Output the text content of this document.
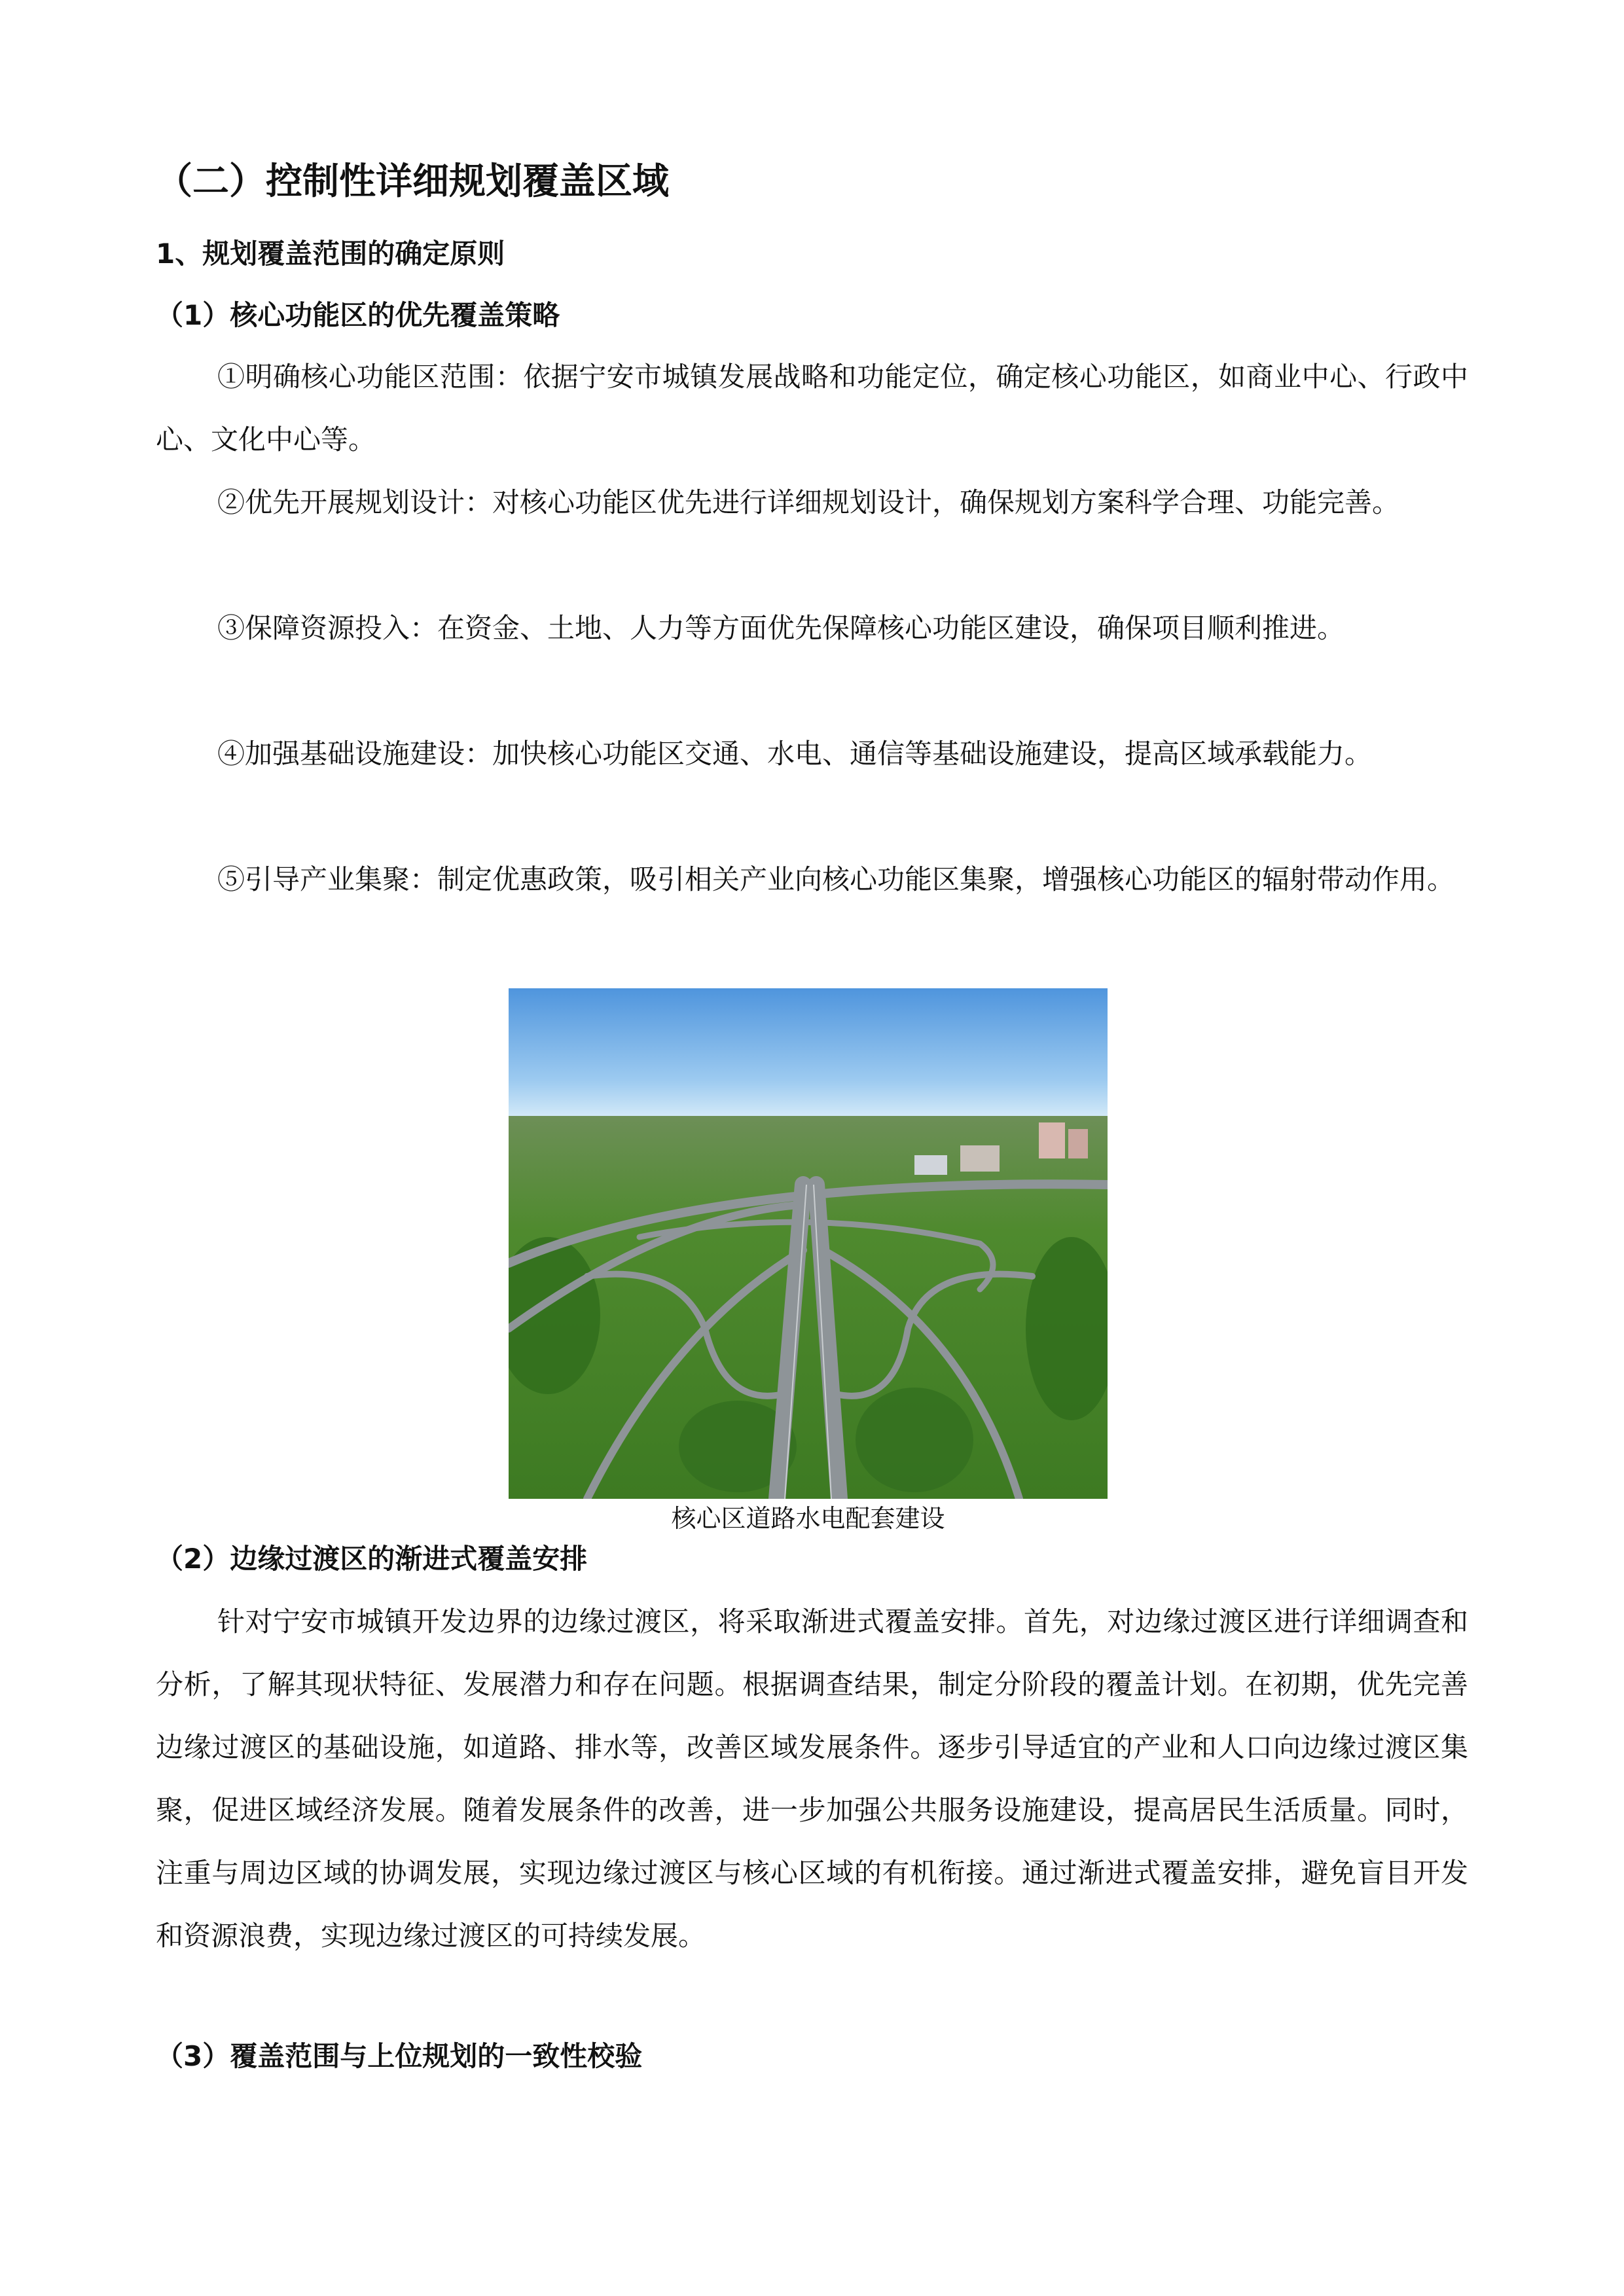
（二）控制性详细规划覆盖区域
1、规划覆盖范围的确定原则
（1）核心功能区的优先覆盖策略

①明确核心功能区范围：依据宁安市城镇发展战略和功能定位，确定核心功能区，如商业中心、行政中心、文化中心等。

②优先开展规划设计：对核心功能区优先进行详细规划设计，确保规划方案科学合理、功能完善。

③保障资源投入：在资金、土地、人力等方面优先保障核心功能区建设，确保项目顺利推进。

④加强基础设施建设：加快核心功能区交通、水电、通信等基础设施建设，提高区域承载能力。

⑤引导产业集聚：制定优惠政策，吸引相关产业向核心功能区集聚，增强核心功能区的辐射带动作用。

核心区道路水电配套建设

（2）边缘过渡区的渐进式覆盖安排

针对宁安市城镇开发边界的边缘过渡区，将采取渐进式覆盖安排。首先，对边缘过渡区进行详细调查和分析，了解其现状特征、发展潜力和存在问题。根据调查结果，制定分阶段的覆盖计划。在初期，优先完善边缘过渡区的基础设施，如道路、排水等，改善区域发展条件。逐步引导适宜的产业和人口向边缘过渡区集聚，促进区域经济发展。随着发展条件的改善，进一步加强公共服务设施建设，提高居民生活质量。同时，注重与周边区域的协调发展，实现边缘过渡区与核心区域的有机衔接。通过渐进式覆盖安排，避免盲目开发和资源浪费，实现边缘过渡区的可持续发展。

（3）覆盖范围与上位规划的一致性校验
